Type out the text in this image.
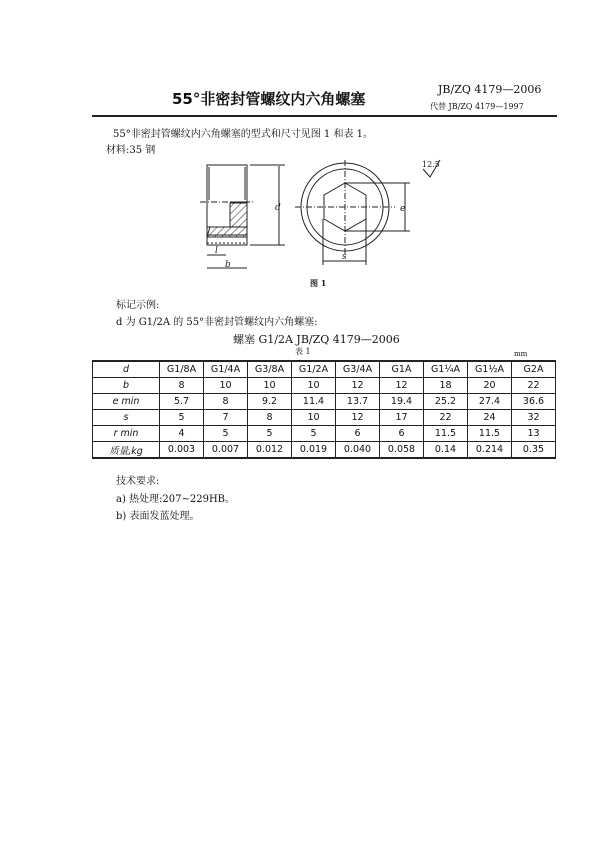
55°非密封管螺纹内六角螺塞
JB/ZQ 4179—2006
代替 JB/ZQ 4179—1997
55°非密封管螺纹内六角螺塞的型式和尺寸见图 1 和表 1。
材料:35 钢
d
l
b
e
s
12.5
图 1
标记示例:
d 为 G1/2A 的 55°非密封管螺纹内六角螺塞:
螺塞 G1/2A JB/ZQ 4179—2006
表 1	mm
d	G1/8A	G1/4A	G3/8A	G1/2A	G3/4A	G1A	G1¼A	G1½A	G2A
b	8	10	10	10	12	12	18	20	22
e min	5.7	8	9.2	11.4	13.7	19.4	25.2	27.4	36.6
s	5	7	8	10	12	17	22	24	32
r min	4	5	5	5	6	6	11.5	11.5	13
质量,kg	0.003	0.007	0.012	0.019	0.040	0.058	0.14	0.214	0.35
技术要求:
a) 热处理:207~229HB。
b) 表面发蓝处理。
